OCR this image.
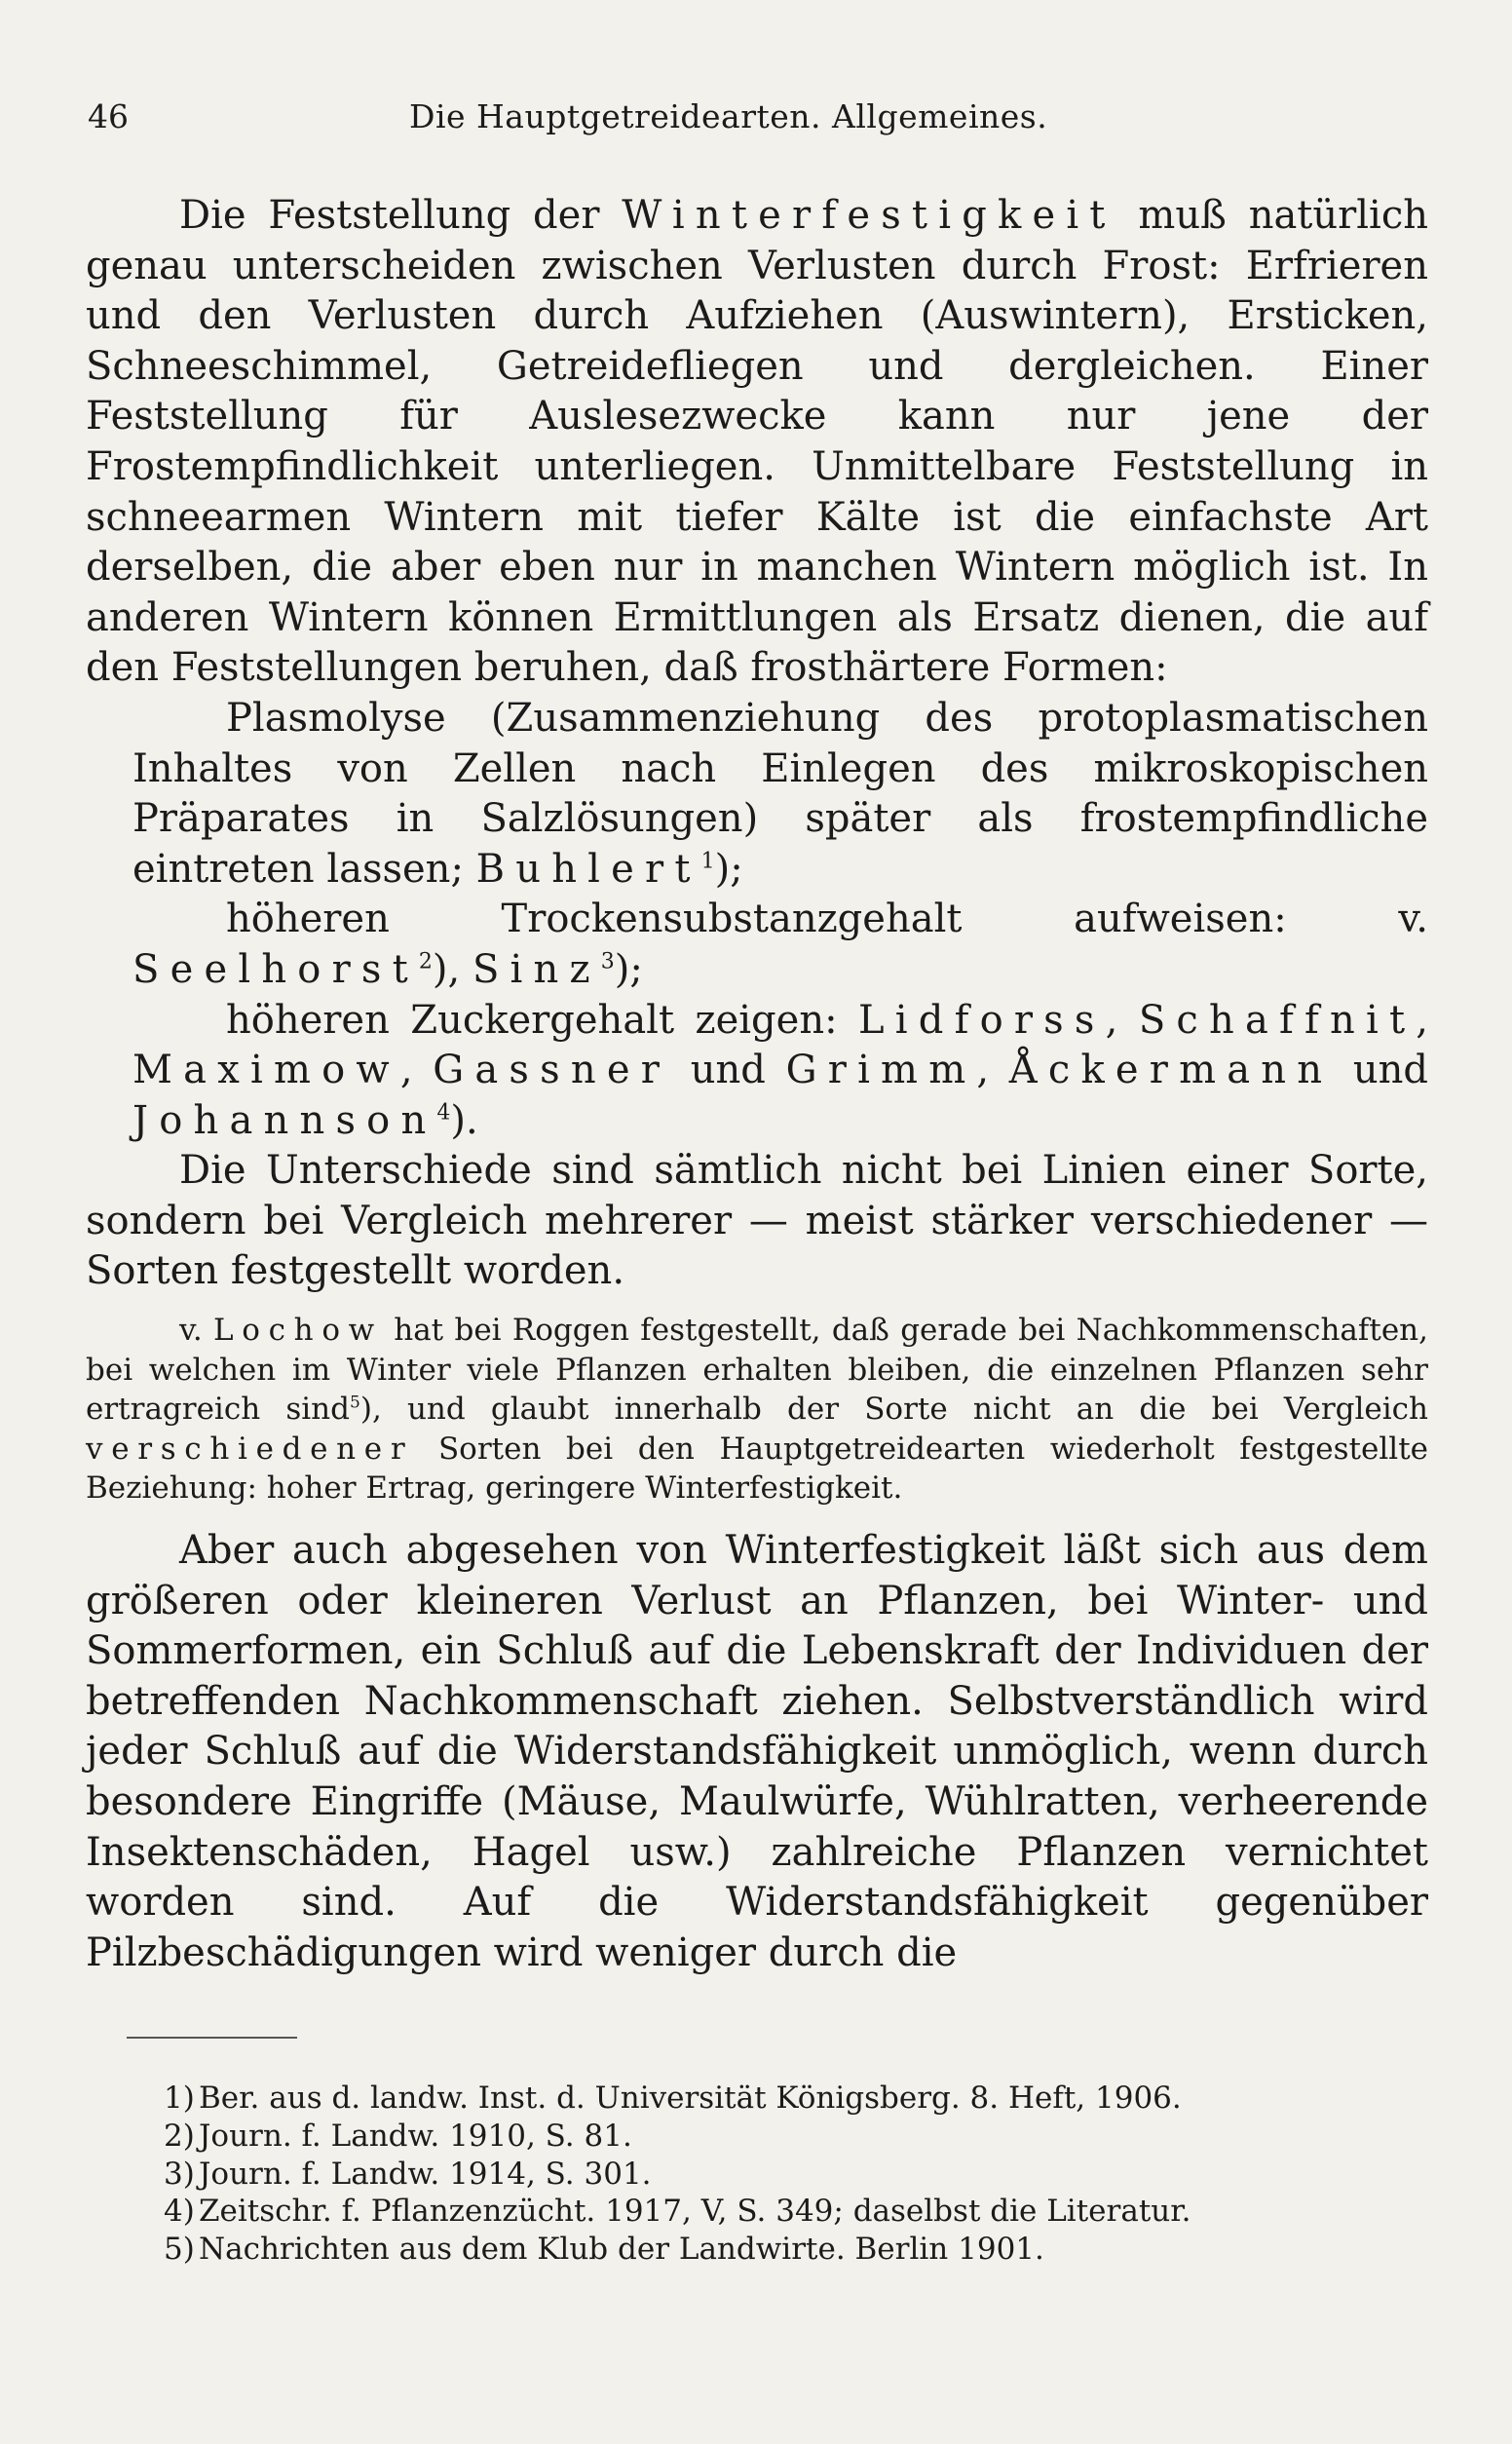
46	Die Hauptgetreidearten. Allgemeines.

Die Feststellung der Winterfestigkeit muß natürlich genau unterscheiden zwischen Verlusten durch Frost: Erfrieren und den Verlusten durch Aufziehen (Auswintern), Ersticken, Schneeschimmel, Getreidefliegen und dergleichen. Einer Feststellung für Auslesezwecke kann nur jene der Frostempfindlichkeit unterliegen. Unmittelbare Feststellung in schneearmen Wintern mit tiefer Kälte ist die einfachste Art derselben, die aber eben nur in manchen Wintern möglich ist. In anderen Wintern können Ermittlungen als Ersatz dienen, die auf den Feststellungen beruhen, daß frosthärtere Formen:

Plasmolyse (Zusammenziehung des protoplasmatischen Inhaltes von Zellen nach Einlegen des mikroskopischen Präparates in Salzlösungen) später als frostempfindliche eintreten lassen; Buhlert$^1$);

höheren Trockensubstanzgehalt aufweisen: v. Seelhorst$^2$), Sinz$^3$);

höheren Zuckergehalt zeigen: Lidforss, Schaffnit, Maximow, Gassner und Grimm, Åckermann und Johannson$^4$).

Die Unterschiede sind sämtlich nicht bei Linien einer Sorte, sondern bei Vergleich mehrerer — meist stärker verschiedener — Sorten festgestellt worden.

v. Lochow hat bei Roggen festgestellt, daß gerade bei Nachkommenschaften, bei welchen im Winter viele Pflanzen erhalten bleiben, die einzelnen Pflanzen sehr ertragreich sind$^5$), und glaubt innerhalb der Sorte nicht an die bei Vergleich verschiedener Sorten bei den Hauptgetreidearten wiederholt festgestellte Beziehung: hoher Ertrag, geringere Winterfestigkeit.

Aber auch abgesehen von Winterfestigkeit läßt sich aus dem größeren oder kleineren Verlust an Pflanzen, bei Winter- und Sommerformen, ein Schluß auf die Lebenskraft der Individuen der betreffenden Nachkommenschaft ziehen. Selbstverständlich wird jeder Schluß auf die Widerstandsfähigkeit unmöglich, wenn durch besondere Eingriffe (Mäuse, Maulwürfe, Wühlratten, verheerende Insektenschäden, Hagel usw.) zahlreiche Pflanzen vernichtet worden sind. Auf die Widerstandsfähigkeit gegenüber Pilzbeschädigungen wird weniger durch die

1) Ber. aus d. landw. Inst. d. Universität Königsberg. 8. Heft, 1906.
2) Journ. f. Landw. 1910, S. 81.
3) Journ. f. Landw. 1914, S. 301.
4) Zeitschr. f. Pflanzenzücht. 1917, V, S. 349; daselbst die Literatur.
5) Nachrichten aus dem Klub der Landwirte. Berlin 1901.
